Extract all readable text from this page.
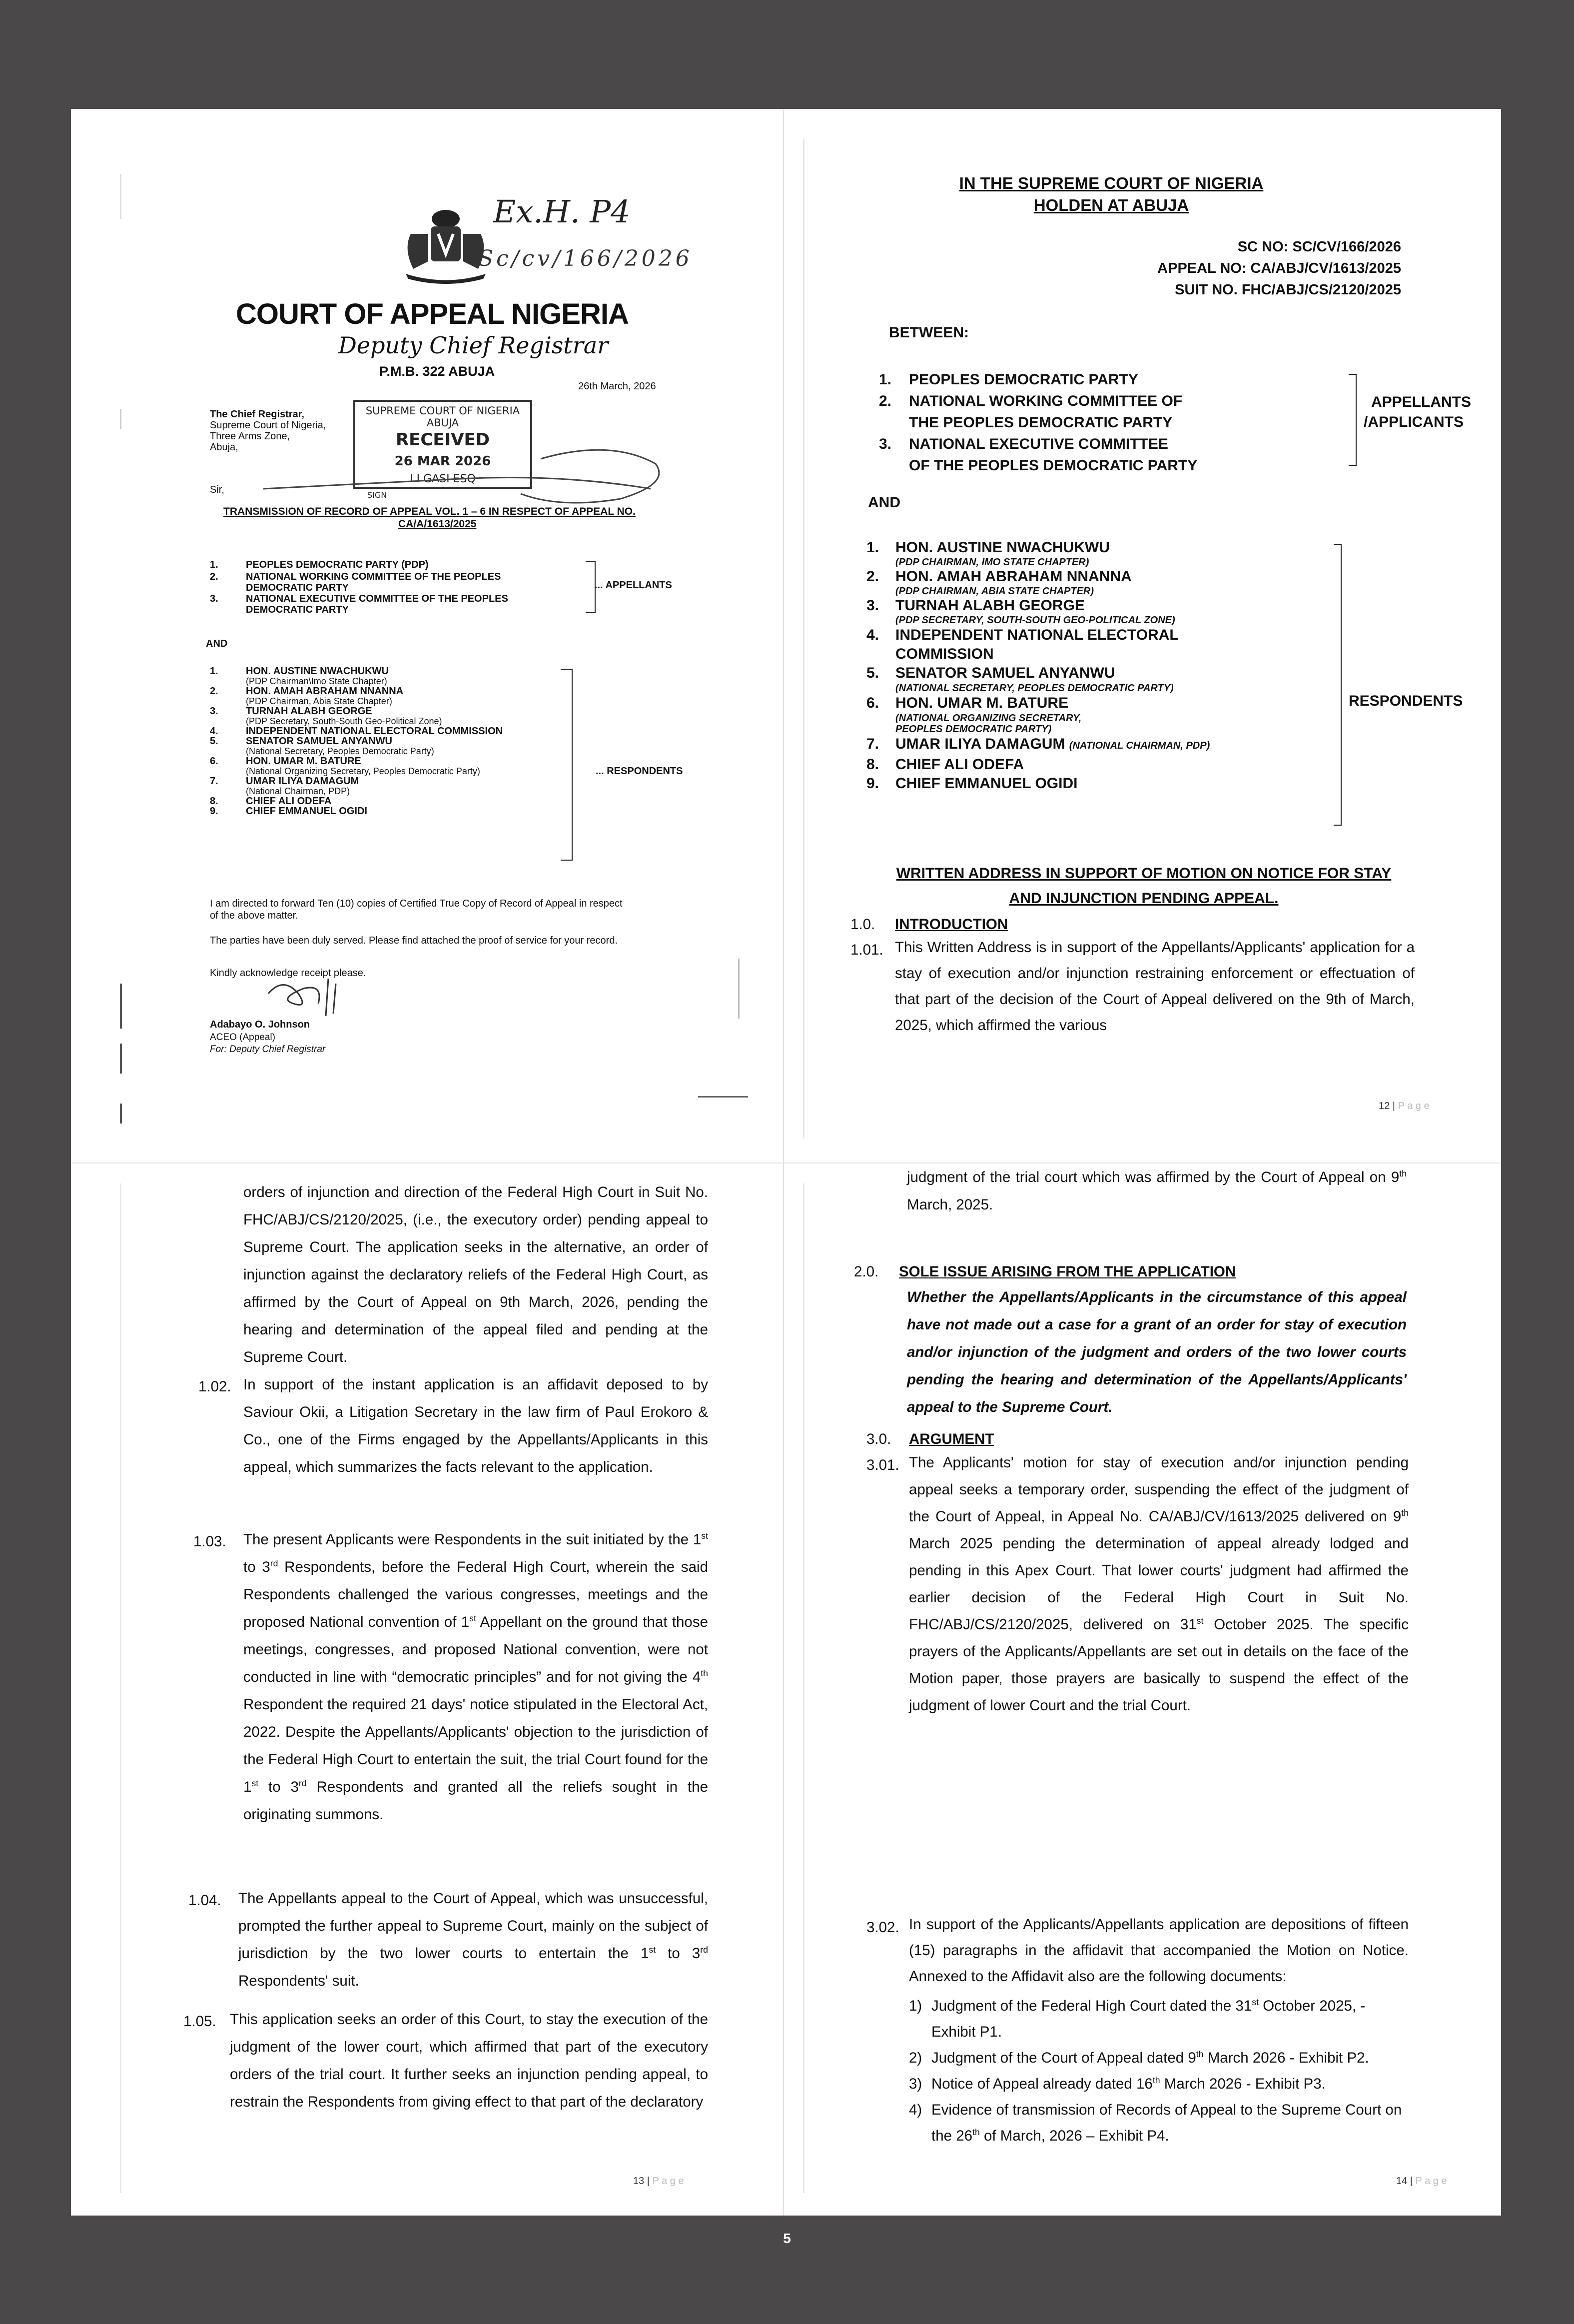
Ex.H. P4
Sc/cv/166/2026
COURT OF APPEAL NIGERIA
Deputy Chief Registrar
P.M.B. 322 ABUJA
26th March, 2026
The Chief Registrar,
Supreme Court of Nigeria,
Three Arms Zone,
Abuja,
SUPREME COURT OF NIGERIA ABUJA
RECEIVED
26 MAR 2026
I.I GASI ESQ
SIGN
Sir,
TRANSMISSION OF RECORD OF APPEAL VOL. 1 – 6 IN RESPECT OF APPEAL NO.
CA/A/1613/2025
1.	PEOPLES DEMOCRATIC PARTY (PDP)
2.	NATIONAL WORKING COMMITTEE OF THE PEOPLES
DEMOCRATIC PARTY
3.	NATIONAL EXECUTIVE COMMITTEE OF THE PEOPLES
DEMOCRATIC PARTY
... APPELLANTS
AND
1.	HON. AUSTINE NWACHUKWU
(PDP Chairman\Imo State Chapter)
2.	HON. AMAH ABRAHAM NNANNA
(PDP Chairman, Abia State Chapter)
3.	TURNAH ALABH GEORGE
(PDP Secretary, South-South Geo-Political Zone)
4.	INDEPENDENT NATIONAL ELECTORAL COMMISSION
5.	SENATOR SAMUEL ANYANWU
(National Secretary, Peoples Democratic Party)
6.	HON. UMAR M. BATURE
(National Organizing Secretary, Peoples Democratic Party)
7.	UMAR ILIYA DAMAGUM
(National Chairman, PDP)
8.	CHIEF ALI ODEFA
9.	CHIEF EMMANUEL OGIDI
... RESPONDENTS
I am directed to forward Ten (10) copies of Certified True Copy of Record of Appeal in respect of the above matter.
The parties have been duly served. Please find attached the proof of service for your record.
Kindly acknowledge receipt please.
Adabayo O. Johnson
ACEO (Appeal)
For: Deputy Chief Registrar
IN THE SUPREME COURT OF NIGERIA
HOLDEN AT ABUJA
SC NO: SC/CV/166/2026
APPEAL NO: CA/ABJ/CV/1613/2025
SUIT NO. FHC/ABJ/CS/2120/2025
BETWEEN:
1. PEOPLES DEMOCRATIC PARTY
2. NATIONAL WORKING COMMITTEE OF
THE PEOPLES DEMOCRATIC PARTY
3. NATIONAL EXECUTIVE COMMITTEE
OF THE PEOPLES DEMOCRATIC PARTY
APPELLANTS
/APPLICANTS
AND
1. HON. AUSTINE NWACHUKWU
(PDP CHAIRMAN, IMO STATE CHAPTER)
2. HON. AMAH ABRAHAM NNANNA
(PDP CHAIRMAN, ABIA STATE CHAPTER)
3. TURNAH ALABH GEORGE
(PDP SECRETARY, SOUTH-SOUTH GEO-POLITICAL ZONE)
4. INDEPENDENT NATIONAL ELECTORAL
COMMISSION
5. SENATOR SAMUEL ANYANWU
(NATIONAL SECRETARY, PEOPLES DEMOCRATIC PARTY)
6. HON. UMAR M. BATURE
(NATIONAL ORGANIZING SECRETARY,
PEOPLES DEMOCRATIC PARTY)
7. UMAR ILIYA DAMAGUM (NATIONAL CHAIRMAN, PDP)
8. CHIEF ALI ODEFA
9. CHIEF EMMANUEL OGIDI
RESPONDENTS
WRITTEN ADDRESS IN SUPPORT OF MOTION ON NOTICE FOR STAY
AND INJUNCTION PENDING APPEAL.
1.0. INTRODUCTION
1.01. This Written Address is in support of the Appellants/Applicants' application for a stay of execution and/or injunction restraining enforcement or effectuation of that part of the decision of the Court of Appeal delivered on the 9th of March, 2025, which affirmed the various
12 | P a g e
orders of injunction and direction of the Federal High Court in Suit No. FHC/ABJ/CS/2120/2025, (i.e., the executory order) pending appeal to Supreme Court. The application seeks in the alternative, an order of injunction against the declaratory reliefs of the Federal High Court, as affirmed by the Court of Appeal on 9th March, 2026, pending the hearing and determination of the appeal filed and pending at the Supreme Court.
1.02. In support of the instant application is an affidavit deposed to by Saviour Okii, a Litigation Secretary in the law firm of Paul Erokoro & Co., one of the Firms engaged by the Appellants/Applicants in this appeal, which summarizes the facts relevant to the application.
1.03. The present Applicants were Respondents in the suit initiated by the 1st to 3rd Respondents, before the Federal High Court, wherein the said Respondents challenged the various congresses, meetings and the proposed National convention of 1st Appellant on the ground that those meetings, congresses, and proposed National convention, were not conducted in line with “democratic principles” and for not giving the 4th Respondent the required 21 days' notice stipulated in the Electoral Act, 2022. Despite the Appellants/Applicants' objection to the jurisdiction of the Federal High Court to entertain the suit, the trial Court found for the 1st to 3rd Respondents and granted all the reliefs sought in the originating summons.
1.04. The Appellants appeal to the Court of Appeal, which was unsuccessful, prompted the further appeal to Supreme Court, mainly on the subject of jurisdiction by the two lower courts to entertain the 1st to 3rd Respondents' suit.
1.05. This application seeks an order of this Court, to stay the execution of the judgment of the lower court, which affirmed that part of the executory orders of the trial court. It further seeks an injunction pending appeal, to restrain the Respondents from giving effect to that part of the declaratory
13 | P a g e
judgment of the trial court which was affirmed by the Court of Appeal on 9th March, 2025.
2.0. SOLE ISSUE ARISING FROM THE APPLICATION
Whether the Appellants/Applicants in the circumstance of this appeal have not made out a case for a grant of an order for stay of execution and/or injunction of the judgment and orders of the two lower courts pending the hearing and determination of the Appellants/Applicants' appeal to the Supreme Court.
3.0. ARGUMENT
3.01. The Applicants' motion for stay of execution and/or injunction pending appeal seeks a temporary order, suspending the effect of the judgment of the Court of Appeal, in Appeal No. CA/ABJ/CV/1613/2025 delivered on 9th March 2025 pending the determination of appeal already lodged and pending in this Apex Court. That lower courts' judgment had affirmed the earlier decision of the Federal High Court in Suit No. FHC/ABJ/CS/2120/2025, delivered on 31st October 2025. The specific prayers of the Applicants/Appellants are set out in details on the face of the Motion paper, those prayers are basically to suspend the effect of the judgment of lower Court and the trial Court.
3.02. In support of the Applicants/Appellants application are depositions of fifteen (15) paragraphs in the affidavit that accompanied the Motion on Notice. Annexed to the Affidavit also are the following documents:
1) Judgment of the Federal High Court dated the 31st October 2025, - Exhibit P1.
2) Judgment of the Court of Appeal dated 9th March 2026 - Exhibit P2.
3) Notice of Appeal already dated 16th March 2026 - Exhibit P3.
4) Evidence of transmission of Records of Appeal to the Supreme Court on the 26th of March, 2026 – Exhibit P4.
14 | P a g e
5
